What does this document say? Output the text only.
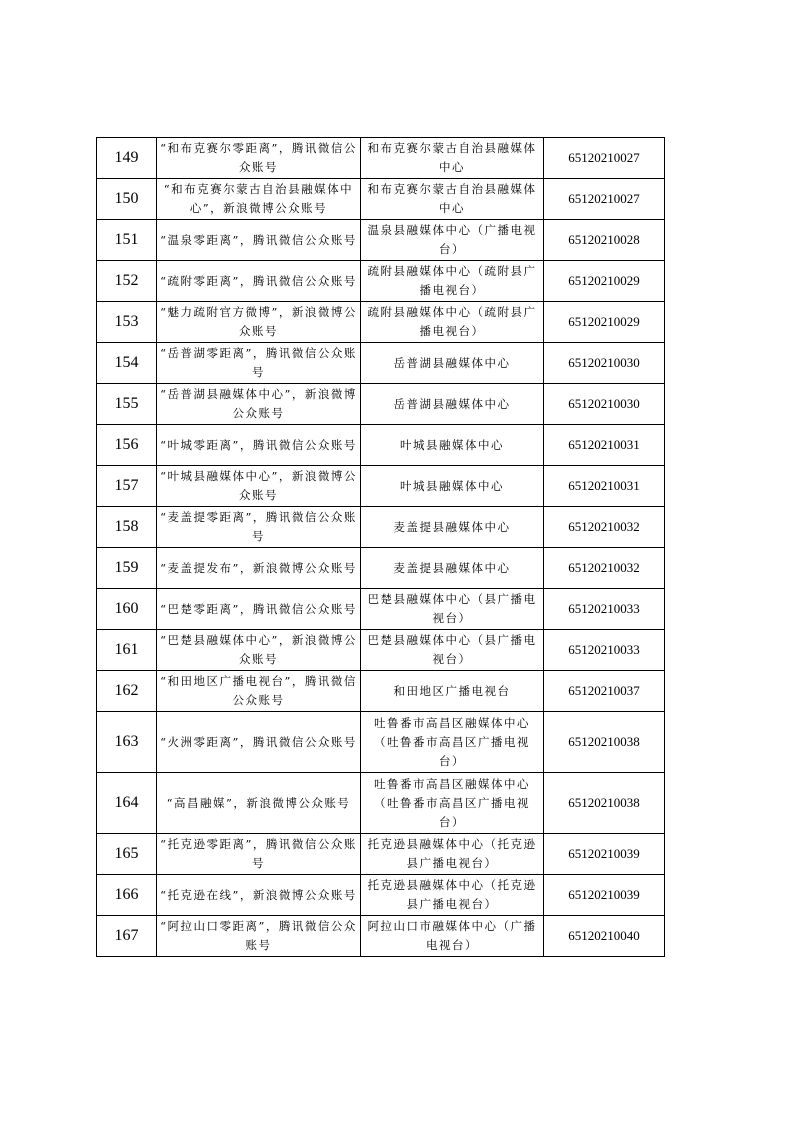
149	“和布克赛尔零距离”，腾讯微信公众账号	和布克赛尔蒙古自治县融媒体中心	65120210027
150	“和布克赛尔蒙古自治县融媒体中心”，新浪微博公众账号	和布克赛尔蒙古自治县融媒体中心	65120210027
151	“温泉零距离”，腾讯微信公众账号	温泉县融媒体中心（广播电视台）	65120210028
152	“疏附零距离”，腾讯微信公众账号	疏附县融媒体中心（疏附县广播电视台）	65120210029
153	“魅力疏附官方微博”，新浪微博公众账号	疏附县融媒体中心（疏附县广播电视台）	65120210029
154	“岳普湖零距离”，腾讯微信公众账号	岳普湖县融媒体中心	65120210030
155	“岳普湖县融媒体中心”，新浪微博公众账号	岳普湖县融媒体中心	65120210030
156	“叶城零距离”，腾讯微信公众账号	叶城县融媒体中心	65120210031
157	“叶城县融媒体中心”，新浪微博公众账号	叶城县融媒体中心	65120210031
158	“麦盖提零距离”，腾讯微信公众账号	麦盖提县融媒体中心	65120210032
159	“麦盖提发布”，新浪微博公众账号	麦盖提县融媒体中心	65120210032
160	“巴楚零距离”，腾讯微信公众账号	巴楚县融媒体中心（县广播电视台）	65120210033
161	“巴楚县融媒体中心”，新浪微博公众账号	巴楚县融媒体中心（县广播电视台）	65120210033
162	“和田地区广播电视台”，腾讯微信公众账号	和田地区广播电视台	65120210037
163	“火洲零距离”，腾讯微信公众账号	吐鲁番市高昌区融媒体中心（吐鲁番市高昌区广播电视台）	65120210038
164	“高昌融媒”，新浪微博公众账号	吐鲁番市高昌区融媒体中心（吐鲁番市高昌区广播电视台）	65120210038
165	“托克逊零距离”，腾讯微信公众账号	托克逊县融媒体中心（托克逊县广播电视台）	65120210039
166	“托克逊在线”，新浪微博公众账号	托克逊县融媒体中心（托克逊县广播电视台）	65120210039
167	“阿拉山口零距离”，腾讯微信公众账号	阿拉山口市融媒体中心（广播电视台）	65120210040
